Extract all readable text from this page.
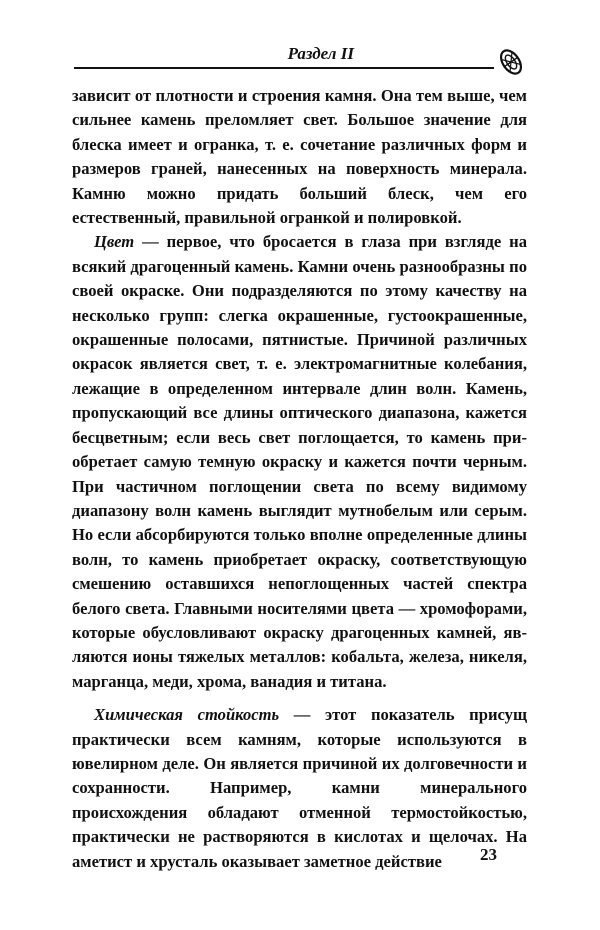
Раздел II

зависит от плотности и строения камня. Она тем выше, чем сильнее камень преломляет свет. Большое значение для блеска имеет и огранка, т. е. сочетание различных форм и размеров граней, нанесенных на поверхность минерала. Камню можно придать больший блеск, чем его естественный, правильной огранкой и полировкой.

Цвет — первое, что бросается в глаза при взгляде на всякий драгоценный камень. Камни очень разнообразны по своей окраске. Они подразделяются по этому качеству на несколько групп: слегка окрашенные, густоокрашенные, окрашенные полосами, пятнистые. Причиной различных окрасок является свет, т. е. электромагнитные колебания, лежащие в определенном интервале длин волн. Камень, пропускающий все длины оптического диапазона, кажется бесцветным; если весь свет поглощается, то камень приобретает самую темную окраску и кажется почти черным. При частичном поглощении света по всему видимому диапазону волн камень выглядит мутнобелым или серым. Но если абсорбируются только вполне определенные длины волн, то камень приобретает окраску, соответствующую смешению оставшихся непоглощенных частей спектра белого света. Главными носителями цвета — хромофорами, которые обусловливают окраску драгоценных камней, являются ионы тяжелых металлов: кобальта, железа, никеля, марганца, меди, хрома, ванадия и титана.

Химическая стойкость — этот показатель присущ практически всем камням, которые используются в ювелирном деле. Он является причиной их долговечности и сохранности. Например, камни минерального происхождения обладают отменной термостойкостью, практически не растворяются в кислотах и щелочах. На аметист и хрусталь оказывает заметное действие	23
